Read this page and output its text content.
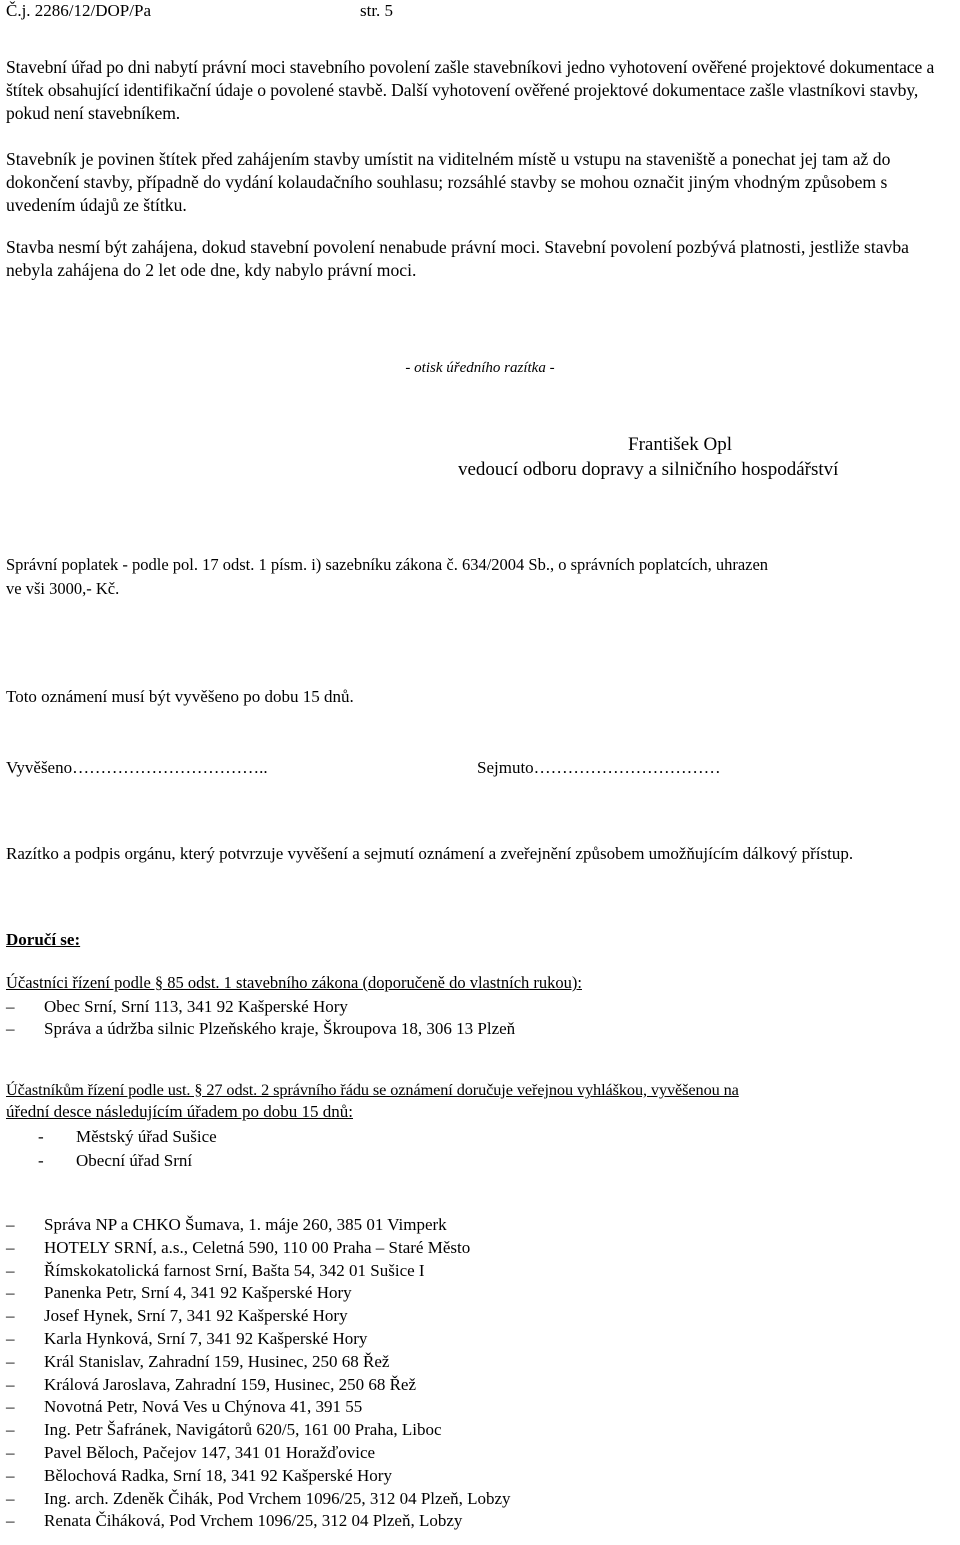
Č.j. 2286/12/DOP/Pa	str. 5
Stavební úřad po dni nabytí právní moci stavebního povolení zašle stavebníkovi jedno vyhotovení ověřené projektové dokumentace a štítek obsahující identifikační údaje o povolené stavbě. Další vyhotovení ověřené projektové dokumentace zašle vlastníkovi stavby, pokud není stavebníkem.
Stavebník je povinen štítek před zahájením stavby umístit na viditelném místě u vstupu na staveniště a ponechat jej tam až do dokončení stavby, případně do vydání kolaudačního souhlasu; rozsáhlé stavby se mohou označit jiným vhodným způsobem s uvedením údajů ze štítku.
Stavba nesmí být zahájena, dokud stavební povolení nenabude právní moci. Stavební povolení pozbývá platnosti, jestliže stavba nebyla zahájena do 2 let ode dne, kdy nabylo právní moci.
- otisk úředního razítka -
František Opl
vedoucí odboru dopravy a silničního hospodářství
Správní poplatek - podle pol. 17 odst. 1 písm. i) sazebníku zákona č. 634/2004 Sb., o správních poplatcích, uhrazen
ve vši 3000,- Kč.
Toto oznámení musí být vyvěšeno po dobu 15 dnů.
Vyvěšeno……………………………..	Sejmuto……………………………
Razítko a podpis orgánu, který potvrzuje vyvěšení a sejmutí oznámení a zveřejnění způsobem umožňujícím dálkový přístup.
Doručí se:
Účastníci řízení podle § 85 odst. 1 stavebního zákona (doporučeně do vlastních rukou):
– Obec Srní, Srní 113, 341 92 Kašperské Hory
– Správa a údržba silnic Plzeňského kraje, Škroupova 18, 306 13 Plzeň
Účastníkům řízení podle ust. § 27 odst. 2 správního řádu se oznámení doručuje veřejnou vyhláškou, vyvěšenou na
úřední desce následujícím úřadem po dobu 15 dnů:
- Městský úřad Sušice
- Obecní úřad Srní
– Správa NP a CHKO Šumava, 1. máje 260, 385 01 Vimperk
– HOTELY SRNÍ, a.s., Celetná 590, 110 00 Praha – Staré Město
– Římskokatolická farnost Srní, Bašta 54, 342 01 Sušice I
– Panenka Petr, Srní 4, 341 92 Kašperské Hory
– Josef Hynek, Srní 7, 341 92 Kašperské Hory
– Karla Hynková, Srní 7, 341 92 Kašperské Hory
– Král Stanislav, Zahradní 159, Husinec, 250 68 Řež
– Králová Jaroslava, Zahradní 159, Husinec, 250 68 Řež
– Novotná Petr, Nová Ves u Chýnova 41, 391 55
– Ing. Petr Šafránek, Navigátorů 620/5, 161 00 Praha, Liboc
– Pavel Běloch, Pačejov 147, 341 01 Horažďovice
– Bělochová Radka, Srní 18, 341 92 Kašperské Hory
– Ing. arch. Zdeněk Čihák, Pod Vrchem 1096/25, 312 04 Plzeň, Lobzy
– Renata Čiháková, Pod Vrchem 1096/25, 312 04 Plzeň, Lobzy
